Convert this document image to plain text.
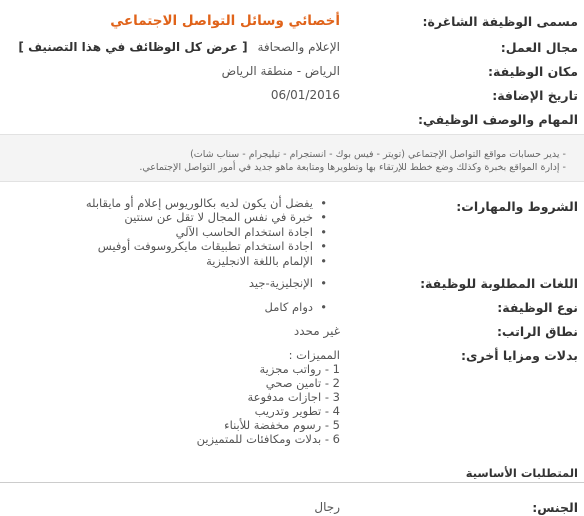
مسمى الوظيفة الشاغرة:
أخصائي وسائل التواصل الاجتماعي
مجال العمل:
الإعلام والصحافة [ عرض كل الوظائف في هذا التصنيف ]
مكان الوظيفة:
الرياض - منطقة الرياض
تاريخ الإضافة:
06/01/2016
المهام والوصف الوظيفي:
- يدير حسابات مواقع التواصل الإجتماعي (تويتر - فيس بوك - انستجرام - تيليجرام - سناب شات)
- إدارة المواقع بخبرة وكذلك وضع خطط للإرتقاء بها وتطويرها ومتابعة ماهو جديد في أمور التواصل الإجتماعي.
الشروط والمهارات:
• يفضل أن يكون لديه بكالوريوس إعلام أو مايقابله
• خبرة في نفس المجال لا تقل عن سنتين
• اجادة استخدام الحاسب الآلي
• اجادة استخدام تطبيقات مايكروسوفت أوفيس
• الإلمام باللغة الانجليزية
اللغات المطلوبة للوظيفة:
• الإنجليزية-جيد
نوع الوظيفة:
• دوام كامل
نطاق الراتب:
غير محدد
بدلات ومزايا أخرى:
المميزات :
1 - رواتب مجزية
2 - تامين صحي
3 - اجازات مدفوعة
4 - تطوير وتدريب
5 - رسوم مخفضة للأبناء
6 - بدلات ومكافئات للمتميزين
المتطلبات الأساسية
الجنس:
رجال
